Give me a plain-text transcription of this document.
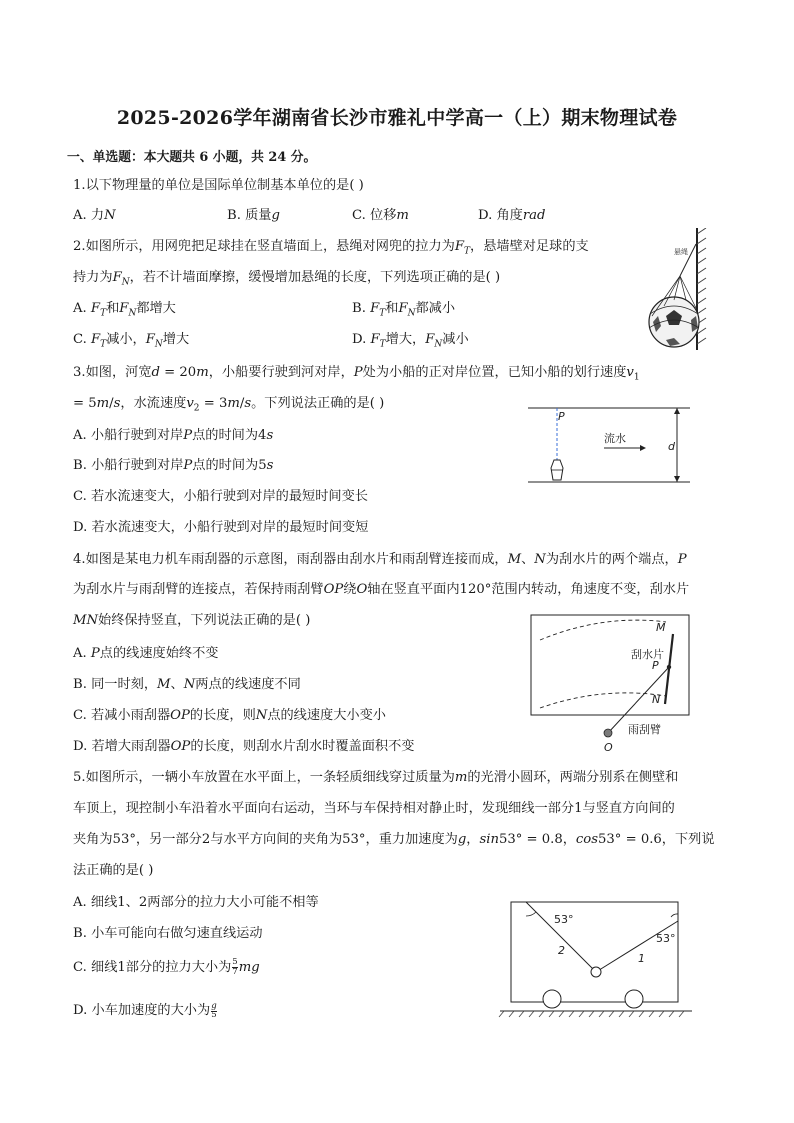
2025-2026学年湖南省长沙市雅礼中学高一（上）期末物理试卷
一、单选题：本大题共 6 小题，共 24 分。
1.以下物理量的单位是国际单位制基本单位的是( )
A. 力N	B. 质量g	C. 位移m	D. 角度rad
2.如图所示，用网兜把足球挂在竖直墙面上，悬绳对网兜的拉力为$F_T$，悬墙壁对足球的支
持力为$F_N$，若不计墙面摩擦，缓慢增加悬绳的长度，下列选项正确的是( )
A. $F_T$和$F_N$都增大	B. $F_T$和$F_N$都减小
C. $F_T$减小，$F_N$增大	D. $F_T$增大，$F_N$减小
悬绳
3.如图，河宽d = 20m，小船要行驶到河对岸，P处为小船的正对岸位置，已知小船的划行速度$v_1$
= 5m/s，水流速度$v_2 = 3m/s$。下列说法正确的是( )
A. 小船行驶到对岸P点的时间为4s
B. 小船行驶到对岸P点的时间为5s
C. 若水流速变大，小船行驶到对岸的最短时间变长
D. 若水流速变大，小船行驶到对岸的最短时间变短
P
流水
d
4.如图是某电力机车雨刮器的示意图，雨刮器由刮水片和雨刮臂连接而成，M、N为刮水片的两个端点，P
为刮水片与雨刮臂的连接点，若保持雨刮臂OP绕O轴在竖直平面内120°范围内转动，角速度不变，刮水片
MN始终保持竖直，下列说法正确的是( )
A. P点的线速度始终不变
B. 同一时刻，M、N两点的线速度不同
C. 若减小雨刮器OP的长度，则N点的线速度大小变小
D. 若增大雨刮器OP的长度，则刮水片刮水时覆盖面积不变
M
刮水片
P
N
雨刮臂
O
5.如图所示，一辆小车放置在水平面上，一条轻质细线穿过质量为m的光滑小圆环，两端分别系在侧壁和
车顶上，现控制小车沿着水平面向右运动，当环与车保持相对静止时，发现细线一部分1与竖直方向间的
夹角为53°，另一部分2与水平方向间的夹角为53°，重力加速度为g，sin53° = 0.8，cos53° = 0.6，下列说
法正确的是( )
A. 细线1、2两部分的拉力大小可能不相等
B. 小车可能向右做匀速直线运动
C. 细线1部分的拉力大小为 $\frac{5}{7}$ mg
D. 小车加速度的大小为$\frac{g}{5}$
53°
53°
2
1
